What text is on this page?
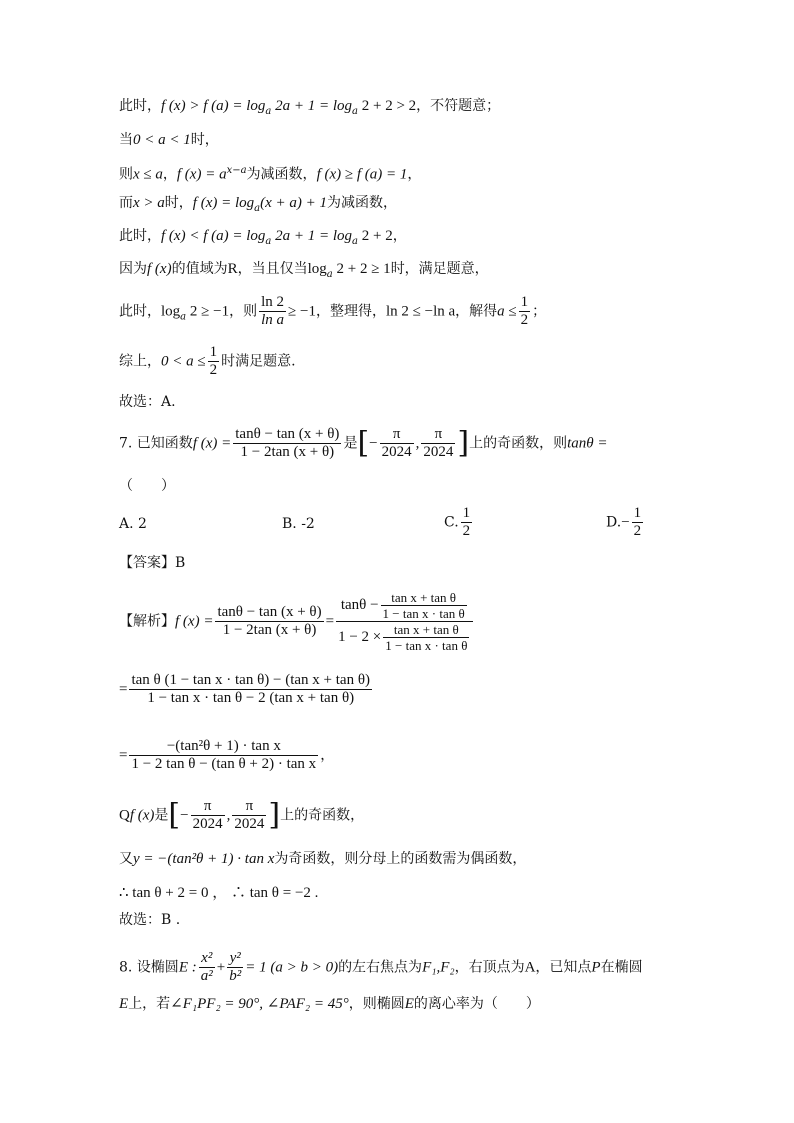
此时，f (x) > f $(a) = \log_a 2a + 1 = \log_a 2 + 2 > 2$，不符题意；
当0 < a < 1时，
则x ≤ a，f $(x) = a^{x-a}$为减函数，f (x) ≥ f (a) = 1，
而x > a时，f $(x) = \log_a(x + a) + 1$为减函数，
此时，f (x) < f $(a) = \log_a 2a + 1 = \log_a 2 + 2$，
因为f (x)的值域为R，当且仅当$\log_a 2 + 2 \ge 1$时，满足题意，
此时，$\log_a 2 \ge -1$，则 $\frac{\ln 2}{\text{ln a}} \ge -1$，整理得，ln 2 ≤ −ln a，解得$a \le \frac{1}{2}$ ；
综上，$0 < a \le \frac{1}{2}$ 时满足题意.
故选：A.
7. 已知函数f $(x) = \frac{\tan\theta - \tan (x + \theta)}{1 - 2\tan (x + \theta)}$ 是[− $\frac{\pi}{2024}$ , $\frac{\pi}{2024}$ ]上的奇函数，则tanθ =
（　　）
A. 2	B. -2	C. $\frac{1}{2}$	$D.- \frac{1}{2}$
【答案】B
【解析】f $(x) = \frac{\tan\theta - \tan (x + \theta)}{1 - 2\tan (x + \theta)} = \frac{\tan\theta - \frac{\text{tan x + tan θ}}{\text{1 − tan x · tan θ}}}{1 - 2 \times \frac{\text{tan x + tan θ}}{\text{1 − tan x · tan θ}}}$
= $\frac{\text{tan θ (1 − tan x · tan θ) − (tan x + tan θ)}}{\text{1 − tan x · tan θ − 2 (tan x + tan θ)}}$
= $\frac{\text{−(tan²θ + 1) · tan x}}{\text{1 − 2 tan θ − (tan θ + 2) · tan x}}$ ，
Qf (x)是[− $\frac{\pi}{2024}$ , $\frac{\pi}{2024}$ ]上的奇函数，
又y = −(tan²θ + 1) · tan x为奇函数，则分母上的函数需为偶函数，
∴ tan θ + 2 = 0 ， ∴ tan θ = −2 .
故选：B .
8. 设椭圆E : $\frac{\text{x²}}{\text{a²}} + \frac{\text{y²}}{\text{b²}} = 1$ (a > b > 0)的左右焦点为F₁,F₂，右顶点为A，已知点P在椭圆
E上，若∠F₁PF₂ = 90°, ∠PAF₂ = 45°，则椭圆E的离心率为（　　）
